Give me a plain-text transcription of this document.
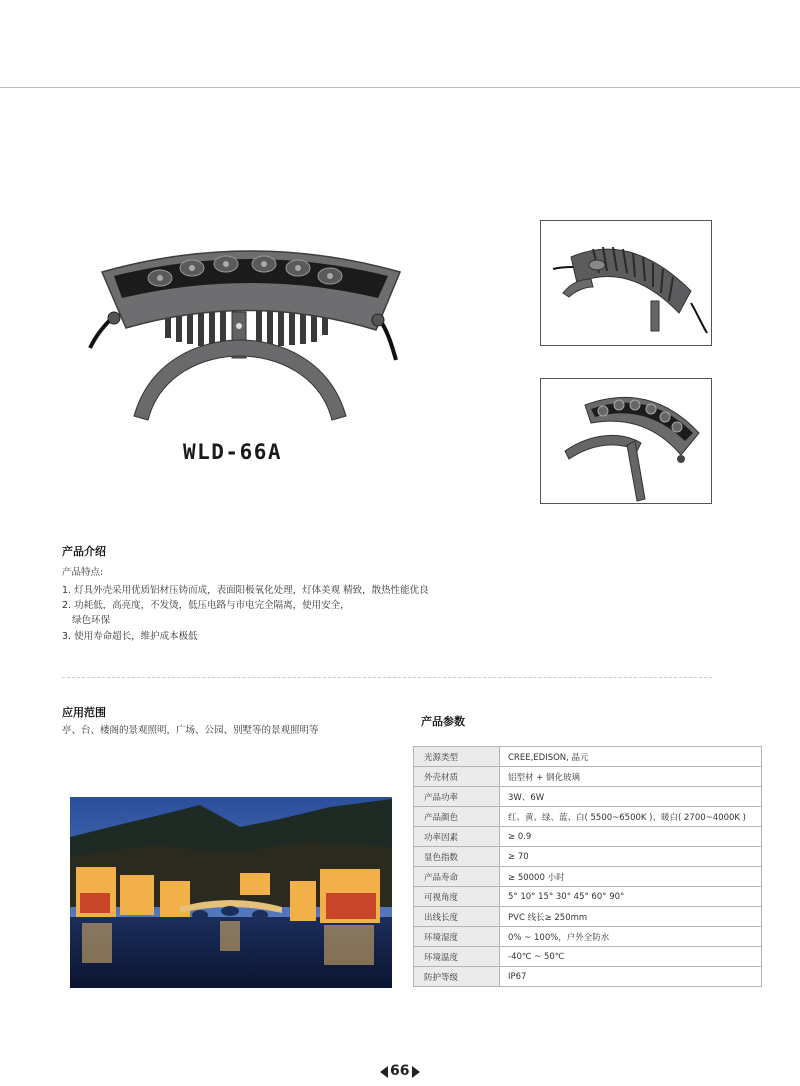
WLD-66A
产品介绍
产品特点:
1. 灯具外壳采用优质铝材压铸而成，表面阳极氧化处理，灯体美观 精致，散热性能优良
2. 功耗低，高亮度，不发烫，低压电路与市电完全隔离，使用安全，
绿色环保
3. 使用寿命超长，维护成本极低
应用范围
亭、台、楼阁的景观照明，广场、公园、别墅等的景观照明等
产品参数
光源类型	CREE,EDISON, 晶元
外壳材质	铝型材 + 钢化玻璃
产品功率	3W、6W
产品颜色	红、黄、绿、蓝、白( 5500~6500K )、暖白( 2700~4000K )
功率因素	≥ 0.9
显色指数	≥ 70
产品寿命	≥ 50000 小时
可视角度	5° 10° 15° 30° 45° 60° 90°
出线长度	PVC 线长≥ 250mm
环境湿度	0% ~ 100%，户外全防水
环境温度	-40℃ ~ 50℃
防护等级	IP67
66
